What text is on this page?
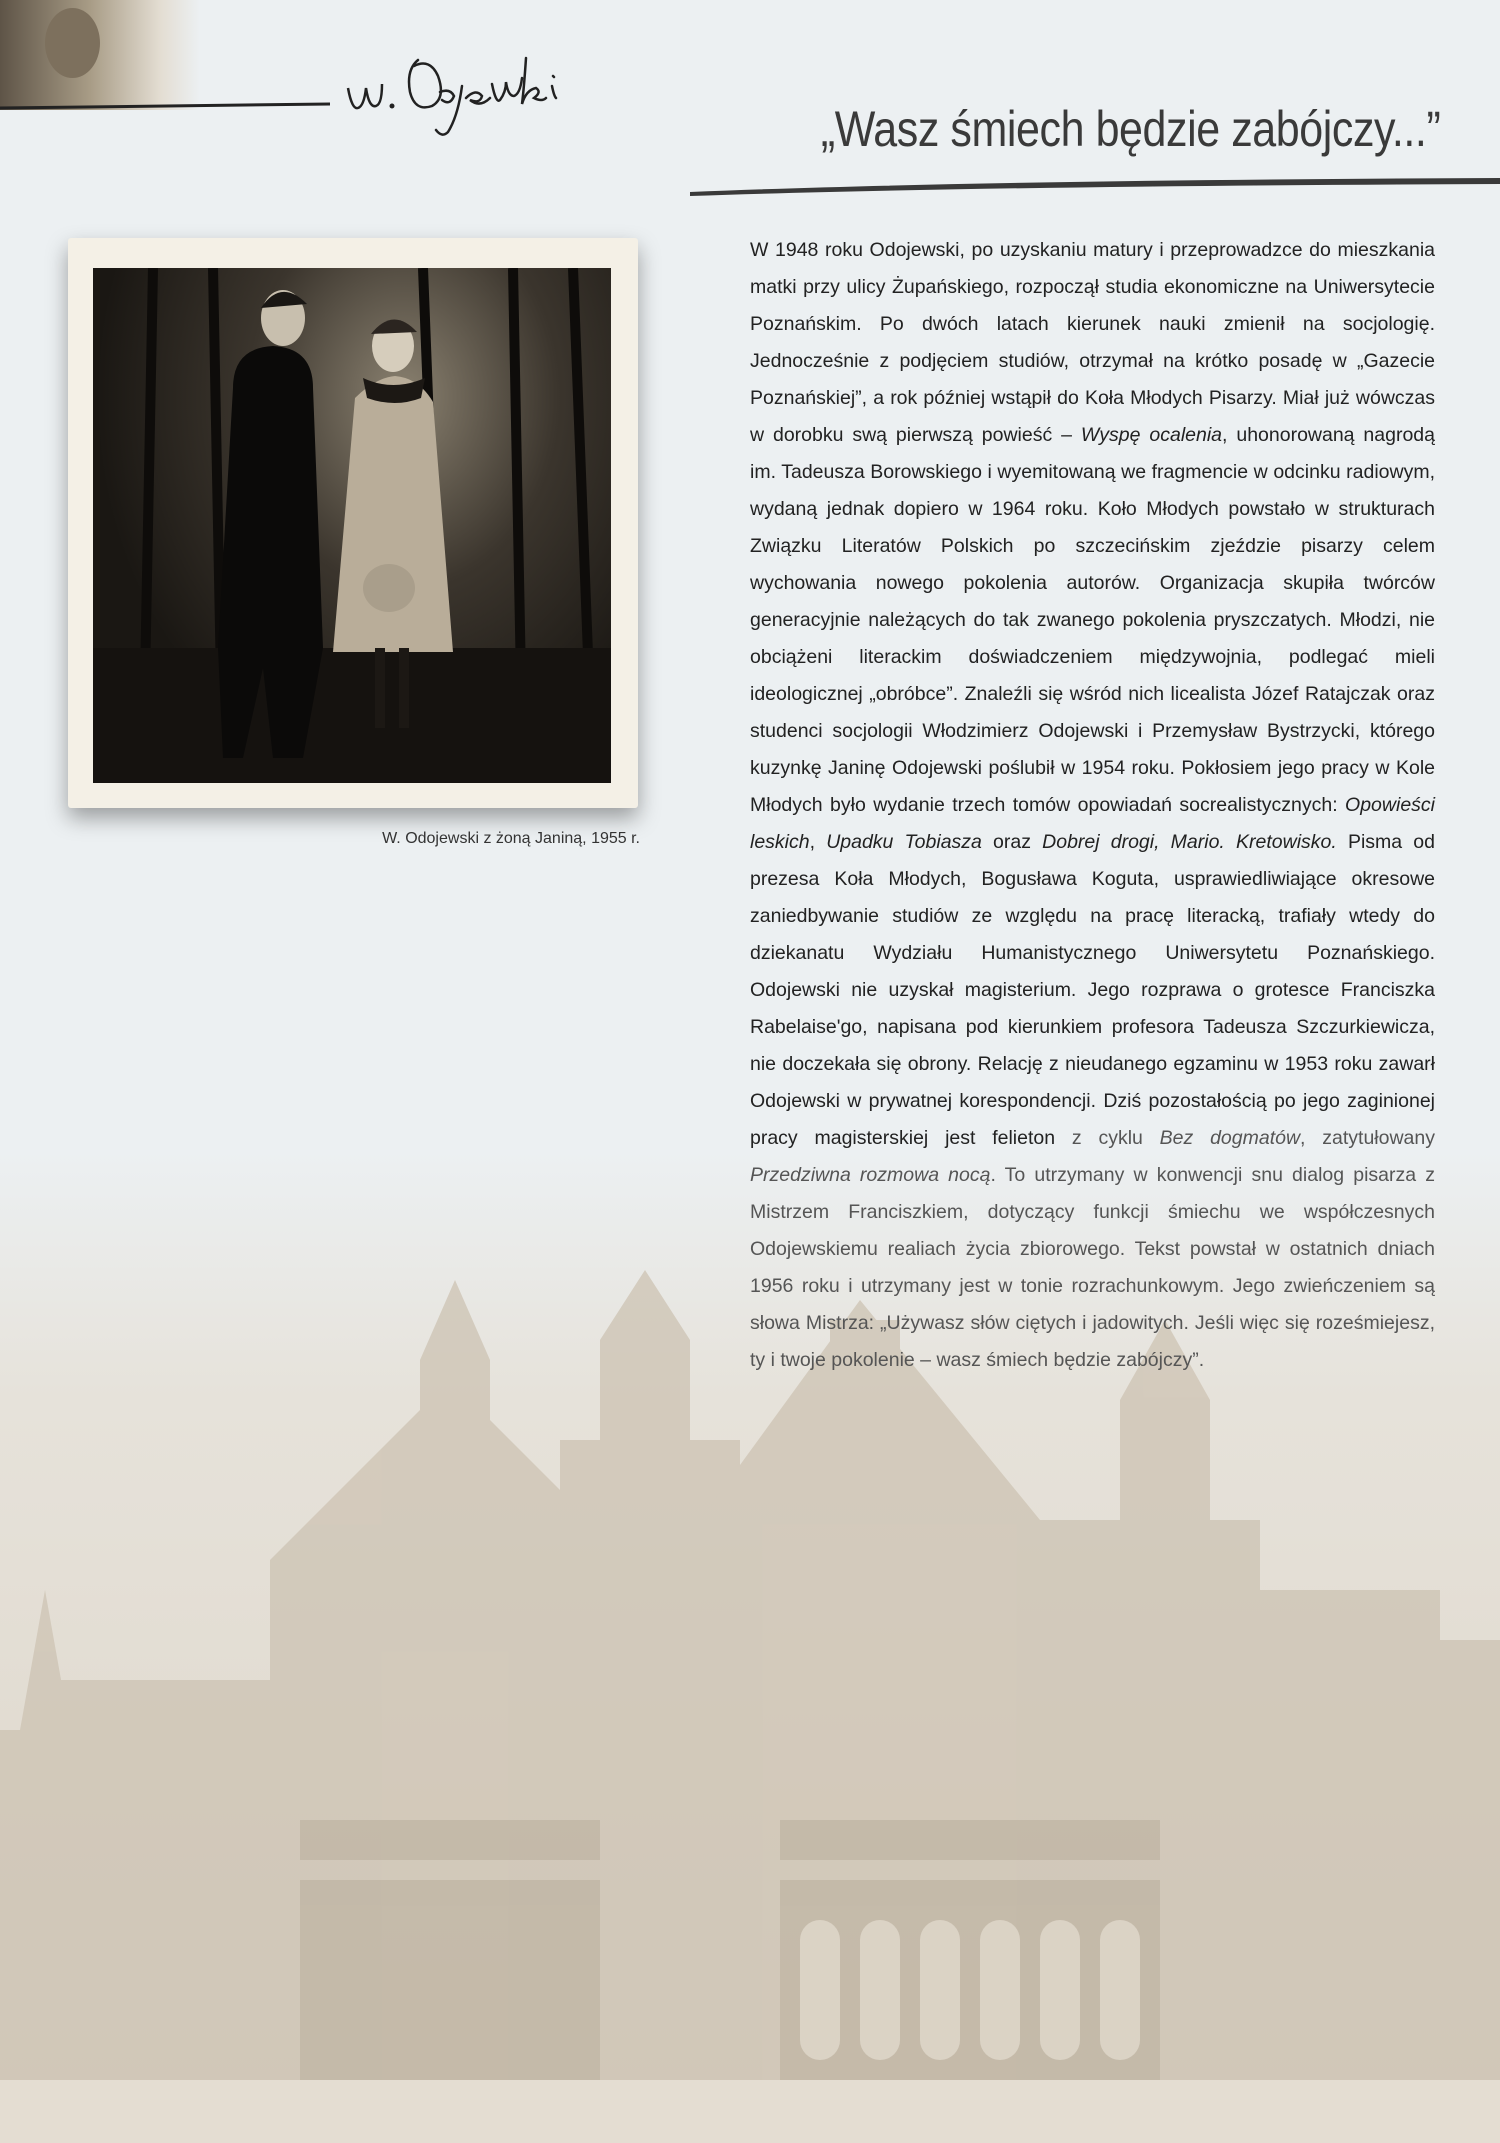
„Wasz śmiech będzie zabójczy...”
W. Odojewski z żoną Janiną, 1955 r.

W 1948 roku Odojewski, po uzyskaniu matury i przeprowadzce do mieszkania matki przy ulicy Żupańskiego, rozpoczął studia ekonomiczne na Uniwersytecie Poznańskim. Po dwóch latach kierunek nauki zmienił na socjologię. Jednocześnie z podjęciem studiów, otrzymał na krótko posadę w „Gazecie Poznańskiej”, a rok później wstąpił do Koła Młodych Pisarzy. Miał już wówczas w dorobku swą pierwszą powieść – Wyspę ocalenia, uhonorowaną nagrodą im. Tadeusza Borowskiego i wyemitowaną we fragmencie w odcinku radiowym, wydaną jednak dopiero w 1964 roku. Koło Młodych powstało w strukturach Związku Literatów Polskich po szczecińskim zjeździe pisarzy celem wychowania nowego pokolenia autorów. Organizacja skupiła twórców generacyjnie należących do tak zwanego pokolenia pryszczatych. Młodzi, nie obciążeni literackim doświadczeniem międzywojnia, podlegać mieli ideologicznej „obróbce”. Znaleźli się wśród nich licealista Józef Ratajczak oraz studenci socjologii Włodzimierz Odojewski i Przemysław Bystrzycki, którego kuzynkę Janinę Odojewski poślubił w 1954 roku. Pokłosiem jego pracy w Kole Młodych było wydanie trzech tomów opowiadań socrealistycznych: Opowieści leskich, Upadku Tobiasza oraz Dobrej drogi, Mario. Kretowisko. Pisma od prezesa Koła Młodych, Bogusława Koguta, usprawiedliwiające okresowe zaniedbywanie studiów ze względu na pracę literacką, trafiały wtedy do dziekanatu Wydziału Humanistycznego Uniwersytetu Poznańskiego. Odojewski nie uzyskał magisterium. Jego rozprawa o grotesce Franciszka Rabelaise'go, napisana pod kierunkiem profesora Tadeusza Szczurkiewicza, nie doczekała się obrony. Relację z nieudanego egzaminu w 1953 roku zawarł Odojewski w prywatnej korespondencji. Dziś pozostałością po jego zaginionej pracy magisterskiej jest felieton z cyklu Bez dogmatów, zatytułowany Przedziwna rozmowa nocą. To utrzymany w konwencji snu dialog pisarza z Mistrzem Franciszkiem, dotyczący funkcji śmiechu we współczesnych Odojewskiemu realiach życia zbiorowego. Tekst powstał w ostatnich dniach 1956 roku i utrzymany jest w tonie rozrachunkowym. Jego zwieńczeniem są słowa Mistrza: „Używasz słów ciętych i jadowitych. Jeśli więc się roześmiejesz, ty i twoje pokolenie – wasz śmiech będzie zabójczy”.
